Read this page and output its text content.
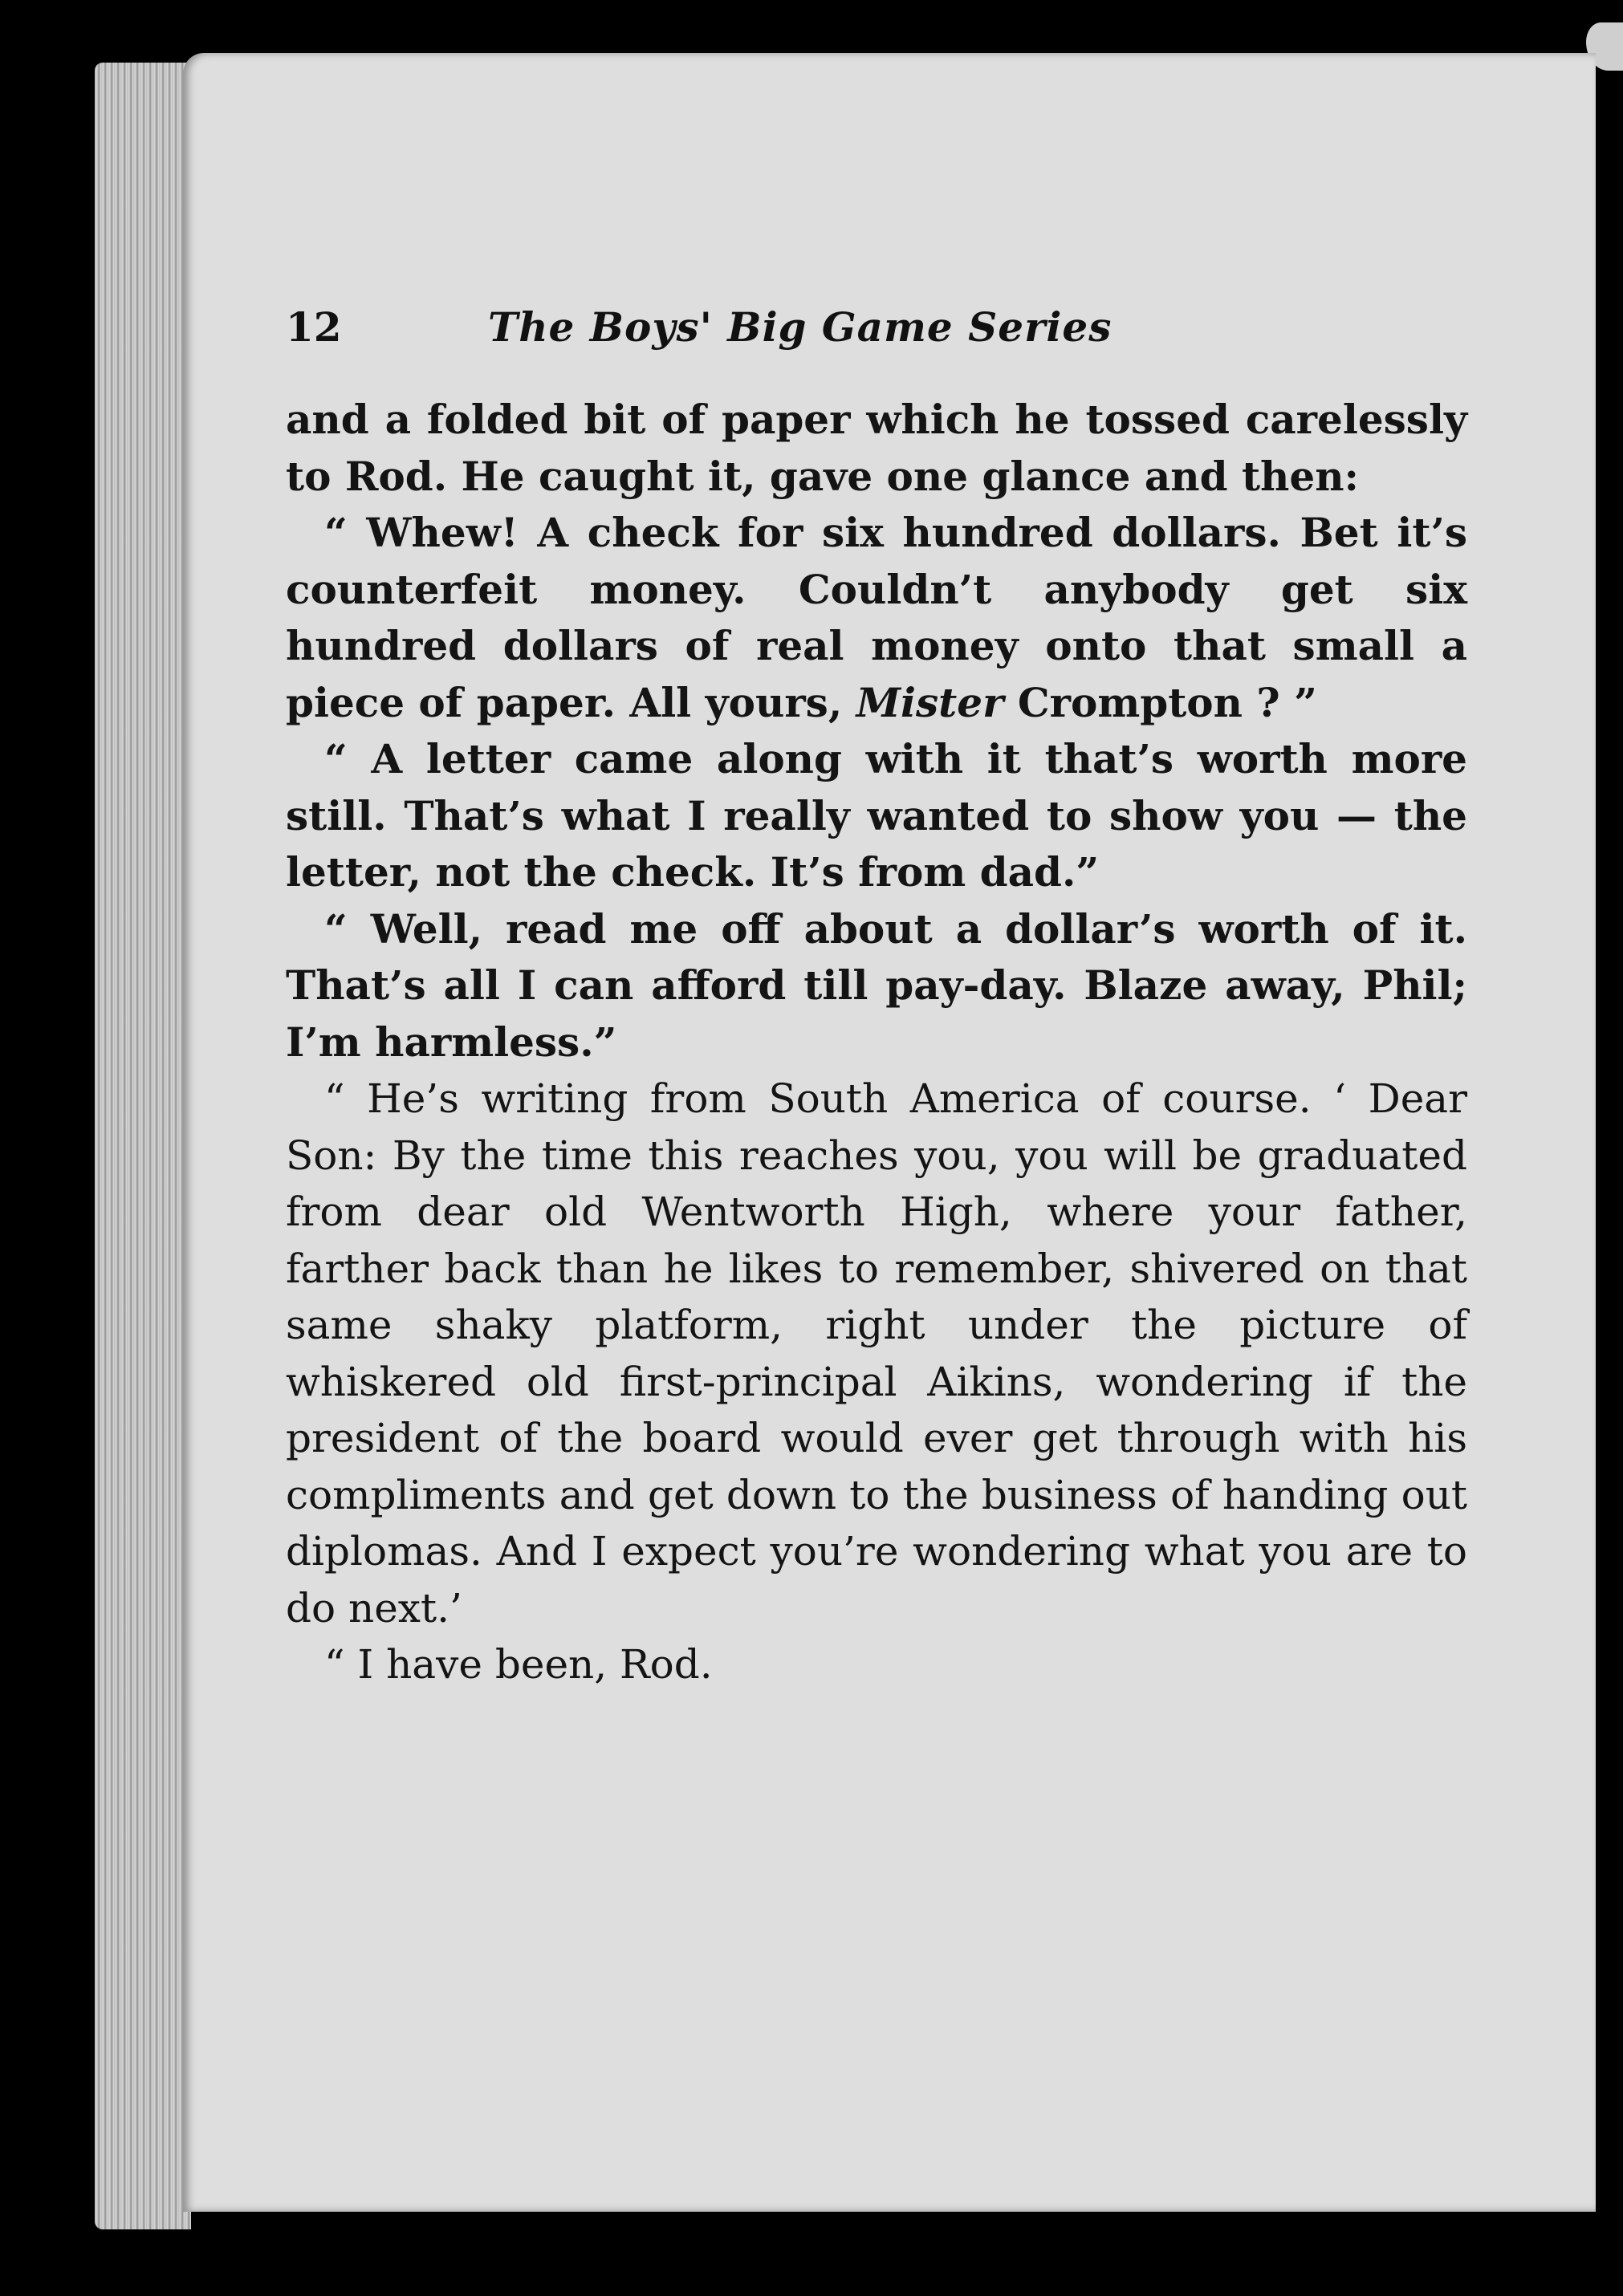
12	The Boys' Big Game Series

and a folded bit of paper which he tossed carelessly to Rod. He caught it, gave one glance and then:

“ Whew! A check for six hundred dollars. Bet it’s counterfeit money. Couldn’t anybody get six hundred dollars of real money onto that small a piece of paper. All yours, Mister Crompton ? ”

“ A letter came along with it that’s worth more still. That’s what I really wanted to show you — the letter, not the check. It’s from dad.”

“ Well, read me off about a dollar’s worth of it. That’s all I can afford till pay-day. Blaze away, Phil; I’m harmless.”

“ He’s writing from South America of course. ‘ Dear Son: By the time this reaches you, you will be graduated from dear old Wentworth High, where your father, farther back than he likes to remember, shivered on that same shaky platform, right under the picture of whiskered old first-principal Aikins, wondering if the president of the board would ever get through with his compliments and get down to the business of handing out diplomas. And I expect you’re wondering what you are to do next.’

“ I have been, Rod.
